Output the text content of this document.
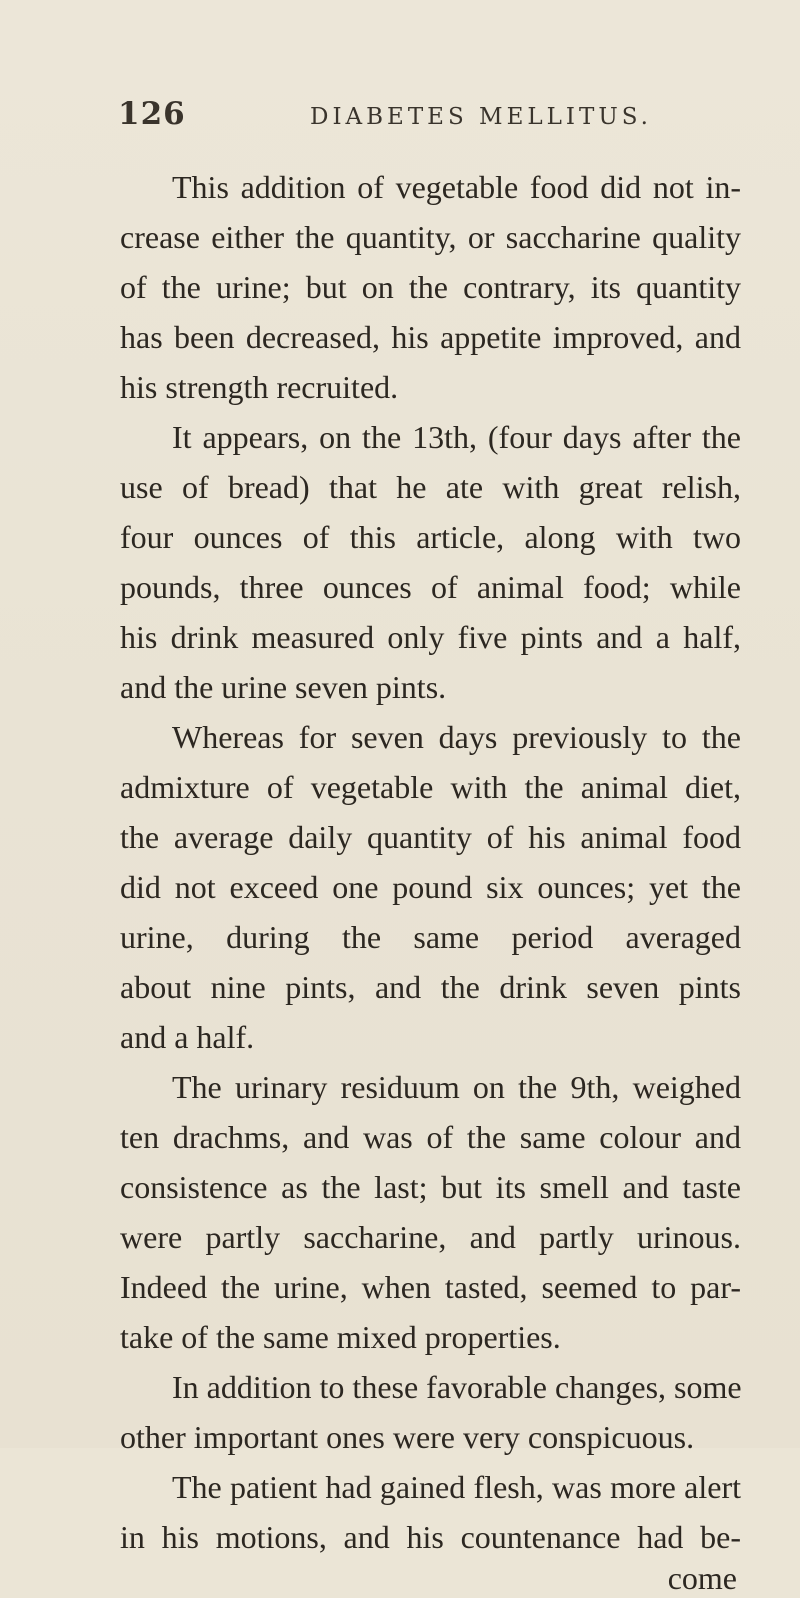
126	DIABETES MELLITUS.
This addition of vegetable food did not in-
crease either the quantity, or saccharine quality
of the urine; but on the contrary, its quantity
has been decreased, his appetite improved, and
his strength recruited.
It appears, on the 13th, (four days after the
use of bread) that he ate with great relish,
four ounces of this article, along with two
pounds, three ounces of animal food; while
his drink measured only five pints and a half,
and the urine seven pints.
Whereas for seven days previously to the
admixture of vegetable with the animal diet,
the average daily quantity of his animal food
did not exceed one pound six ounces; yet the
urine, during the same period averaged
about nine pints, and the drink seven pints
and a half.
The urinary residuum on the 9th, weighed
ten drachms, and was of the same colour and
consistence as the last; but its smell and taste
were partly saccharine, and partly urinous.
Indeed the urine, when tasted, seemed to par-
take of the same mixed properties.
In addition to these favorable changes, some
other important ones were very conspicuous.
The patient had gained flesh, was more alert
in his motions, and his countenance had be-
come
